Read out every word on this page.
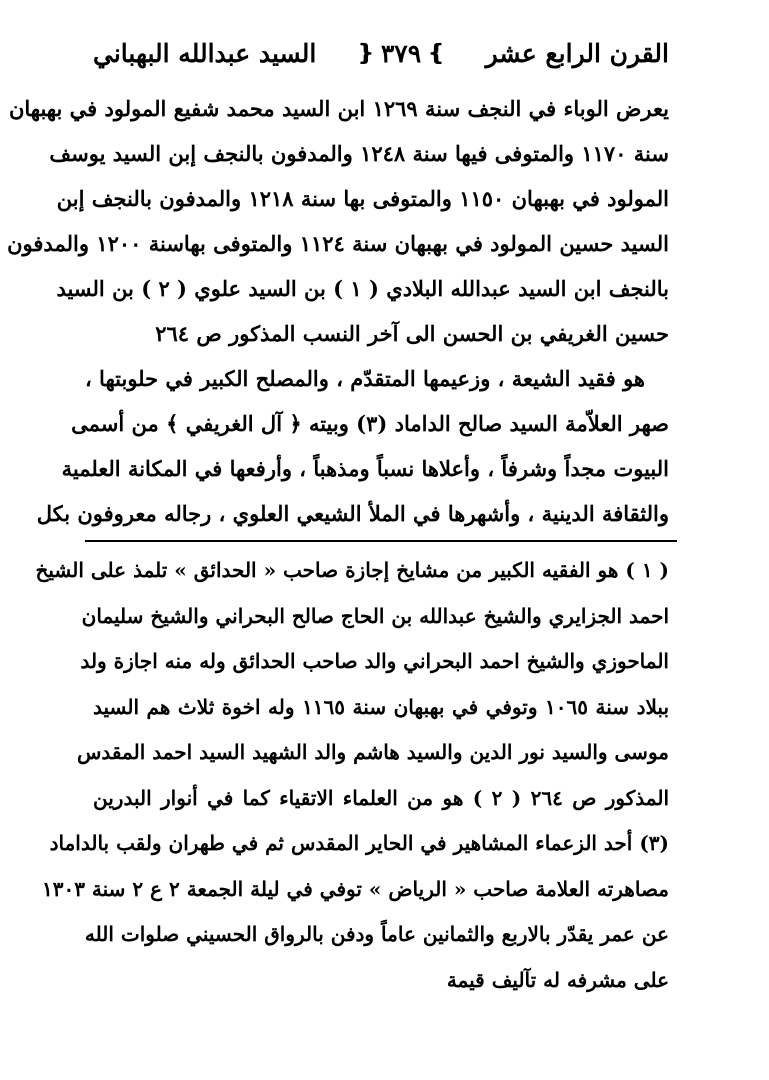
القرن الرابع عشر
❵
٣٧٩
❴
السيد عبدالله البهباني
يعرض الوباء في النجف سنة ١٢٦٩ ابن السيد محمد شفيع المولود في بهبهان
سنة ١١٧٠ والمتوفى فيها سنة ١٢٤٨ والمدفون بالنجف إبن السيد يوسف
المولود في بهبهان ١١٥٠ والمتوفى بها سنة ١٢١٨ والمدفون بالنجف إبن
السيد حسين المولود في بهبهان سنة ١١٢٤ والمتوفى بهاسنة ١٢٠٠ والمدفون
بالنجف ابن السيد عبدالله البلادي ( ١ ) بن السيد علوي ( ٢ ) بن السيد
حسين الغريفي بن الحسن الى آخر النسب المذكور ص ٢٦٤
هو فقيد الشيعة ، وزعيمها المتقدّم ، والمصلح الكبير في حلوبتها ،
صهر العلاّمة السيد صالح الداماد (٣) وبيته ﴿ آل الغريفي ﴾ من أسمى
البيوت مجداً وشرفاً ، وأعلاها نسباً ومذهباً ، وأرفعها في المكانة العلمية
والثقافة الدينية ، وأشهرها في الملأ الشيعي العلوي ، رجاله معروفون بكل
( ١ ) هو الفقيه الكبير من مشايخ إجازة صاحب « الحدائق » تلمذ على الشيخ
احمد الجزايري والشيخ عبدالله بن الحاج صالح البحراني والشيخ سليمان
الماحوزي والشيخ احمد البحراني والد صاحب الحدائق وله منه اجازة ولد
ببلاد سنة ١٠٦٥ وتوفي في بهبهان سنة ١١٦٥ وله اخوة ثلاث هم السيد
موسى والسيد نور الدين والسيد هاشم والد الشهيد السيد احمد المقدس
المذكور ص ٢٦٤ ( ٢ ) هو من العلماء الاتقياء كما في أنوار البدرين
(٣) أحد الزعماء المشاهير في الحاير المقدس ثم في طهران ولقب بالداماد
مصاهرته العلامة صاحب « الرياض » توفي في ليلة الجمعة ٢ ع ٢ سنة ١٣٠٣
عن عمر يقدّر بالاربع والثمانين عاماً ودفن بالرواق الحسيني صلوات الله
على مشرفه له تآليف قيمة
